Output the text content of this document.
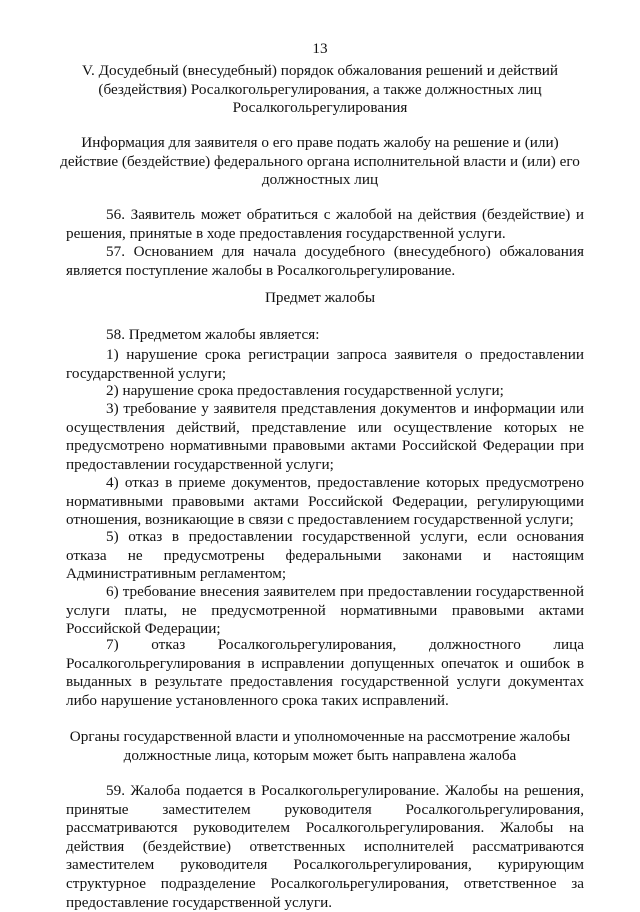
13
V. Досудебный (внесудебный) порядок обжалования решений и действий (бездействия) Росалкогольрегулирования, а также должностных лиц Росалкогольрегулирования
Информация для заявителя о его праве подать жалобу на решение и (или) действие (бездействие) федерального органа исполнительной власти и (или) его должностных лиц

56. Заявитель может обратиться с жалобой на действия (бездействие) и решения, принятые в ходе предоставления государственной услуги.

57. Основанием для начала досудебного (внесудебного) обжалования является поступление жалобы в Росалкогольрегулирование.

Предмет жалобы

58. Предметом жалобы является:

1) нарушение срока регистрации запроса заявителя о предоставлении государственной услуги;

2) нарушение срока предоставления государственной услуги;

3) требование у заявителя представления документов и информации или осуществления действий, представление или осуществление которых не предусмотрено нормативными правовыми актами Российской Федерации при предоставлении государственной услуги;

4) отказ в приеме документов, предоставление которых предусмотрено нормативными правовыми актами Российской Федерации, регулирующими отношения, возникающие в связи с предоставлением государственной услуги;

5) отказ в предоставлении государственной услуги, если основания отказа не предусмотрены федеральными законами и настоящим Административным регламентом;

6) требование внесения заявителем при предоставлении государственной услуги платы, не предусмотренной нормативными правовыми актами Российской Федерации;

7) отказ Росалкогольрегулирования, должностного лица Росалкогольрегулирования в исправлении допущенных опечаток и ошибок в выданных в результате предоставления государственной услуги документах либо нарушение установленного срока таких исправлений.

Органы государственной власти и уполномоченные на рассмотрение жалобы должностные лица, которым может быть направлена жалоба

59. Жалоба подается в Росалкогольрегулирование. Жалобы на решения, принятые заместителем руководителя Росалкогольрегулирования, рассматриваются руководителем Росалкогольрегулирования. Жалобы на действия (бездействие) ответственных исполнителей рассматриваются заместителем руководителя Росалкогольрегулирования, курирующим структурное подразделение Росалкогольрегулирования, ответственное за предоставление государственной услуги.
